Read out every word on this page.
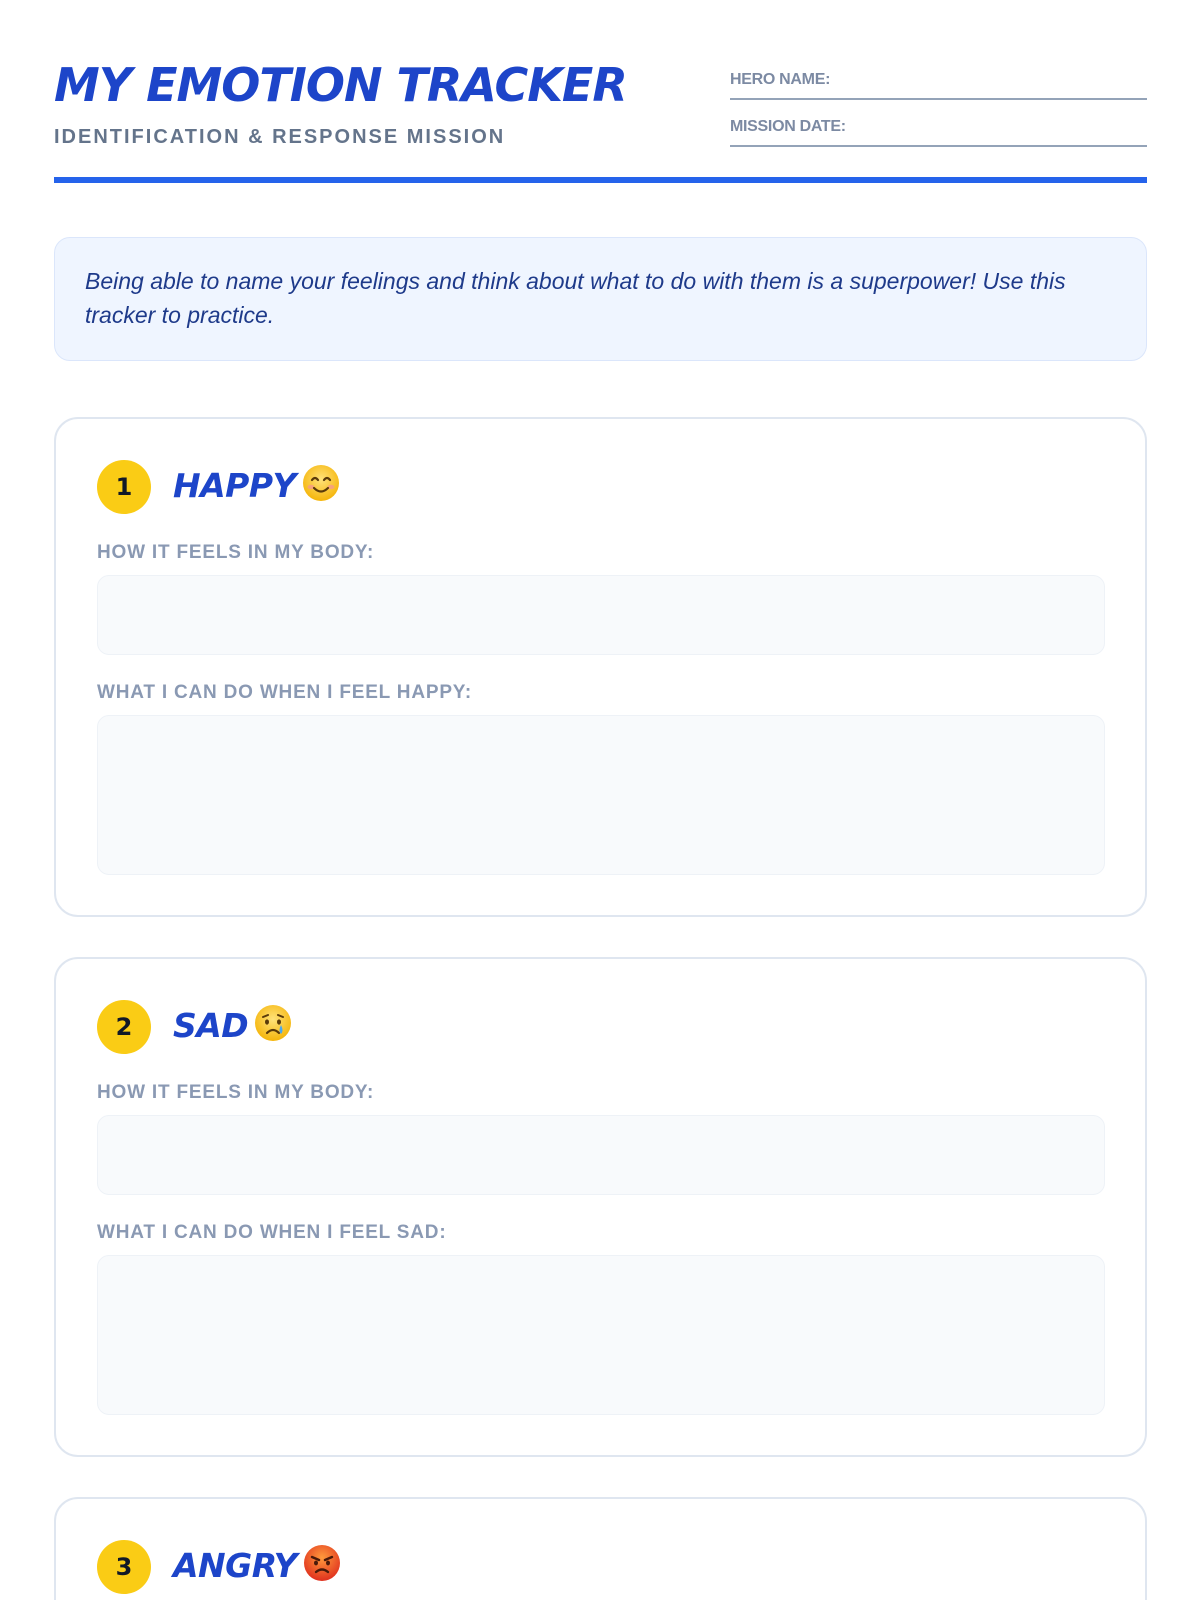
MY EMOTION TRACKER
IDENTIFICATION & RESPONSE MISSION
HERO NAME:
MISSION DATE:
Being able to name your feelings and think about what to do with them is a superpower! Use this tracker to practice.
1	HAPPY
HOW IT FEELS IN MY BODY:
WHAT I CAN DO WHEN I FEEL HAPPY:
2	SAD
HOW IT FEELS IN MY BODY:
WHAT I CAN DO WHEN I FEEL SAD:
3	ANGRY
